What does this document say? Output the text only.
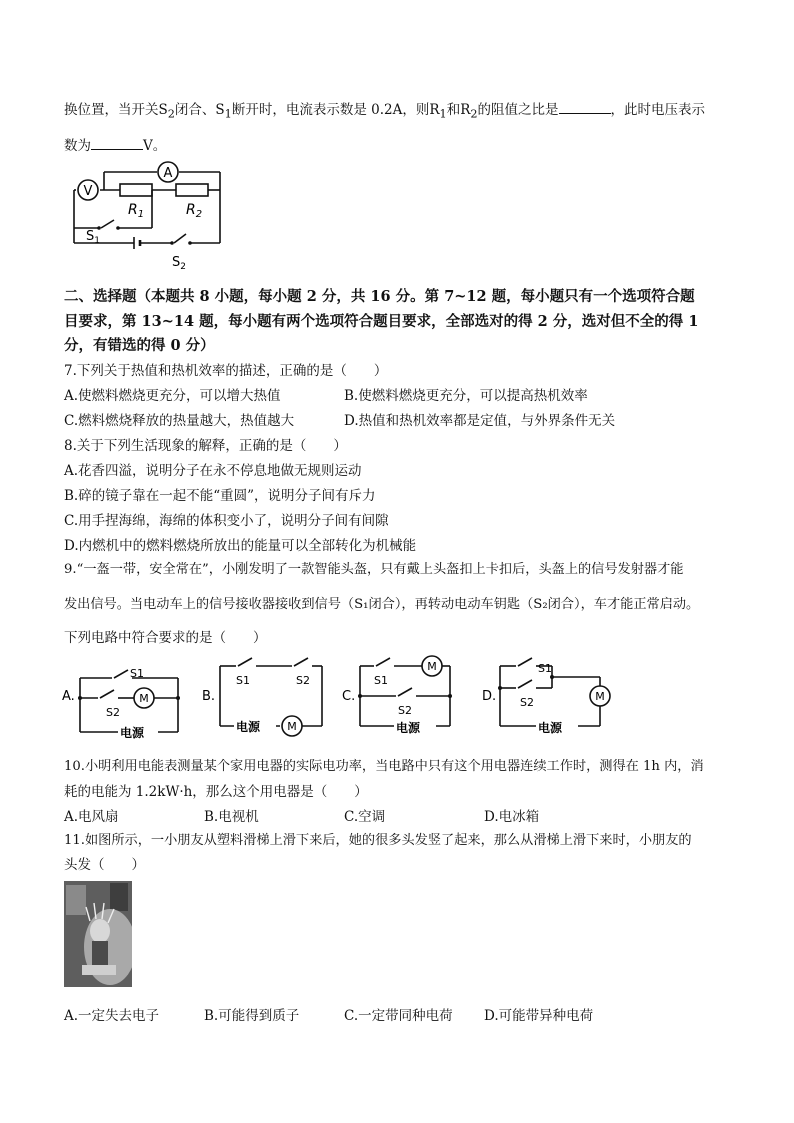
换位置，当开关$S_2$闭合、$S_1$断开时，电流表示数是 0.2A，则$R_1$和$R_2$的阻值之比是	，此时电压表示
数为	V。
A
V
$R_1$	$R_2$
$S_1$
$S_2$
二、选择题（本题共 8 小题，每小题 2 分，共 16 分。第 7~12 题，每小题只有一个选项符合题
目要求，第 13~14 题，每小题有两个选项符合题目要求，全部选对的得 2 分，选对但不全的得 1
分，有错选的得 0 分）
7.下列关于热值和热机效率的描述，正确的是（　　）
A.使燃料燃烧更充分，可以增大热值	B.使燃料燃烧更充分，可以提高热机效率
C.燃料燃烧释放的热量越大，热值越大	D.热值和热机效率都是定值，与外界条件无关
8.关于下列生活现象的解释，正确的是（　　）
A.花香四溢，说明分子在永不停息地做无规则运动
B.碎的镜子靠在一起不能“重圆”，说明分子间有斥力
C.用手捏海绵，海绵的体积变小了，说明分子间有间隙
D.内燃机中的燃料燃烧所放出的能量可以全部转化为机械能
9.“一盔一带，安全常在”，小刚发明了一款智能头盔，只有戴上头盔扣上卡扣后，头盔上的信号发射器才能
发出信号。当电动车上的信号接收器接收到信号（S₁闭合），再转动电动车钥匙（S₂闭合），车才能正常启动。
下列电路中符合要求的是（　　）
A.	B.	C.	D.
S1
S2
M
电源
S1	S2
电源 M
S1
M
S2
电源
S1
S2	M
电源
10.小明利用电能表测量某个家用电器的实际电功率，当电路中只有这个用电器连续工作时，测得在 1h 内，消
耗的电能为 1.2kW·h，那么这个用电器是（　　）
A.电风扇	B.电视机	C.空调	D.电冰箱
11.如图所示，一小朋友从塑料滑梯上滑下来后，她的很多头发竖了起来，那么从滑梯上滑下来时，小朋友的
头发（　　）
A.一定失去电子	B.可能得到质子	C.一定带同种电荷 D.可能带异种电荷
